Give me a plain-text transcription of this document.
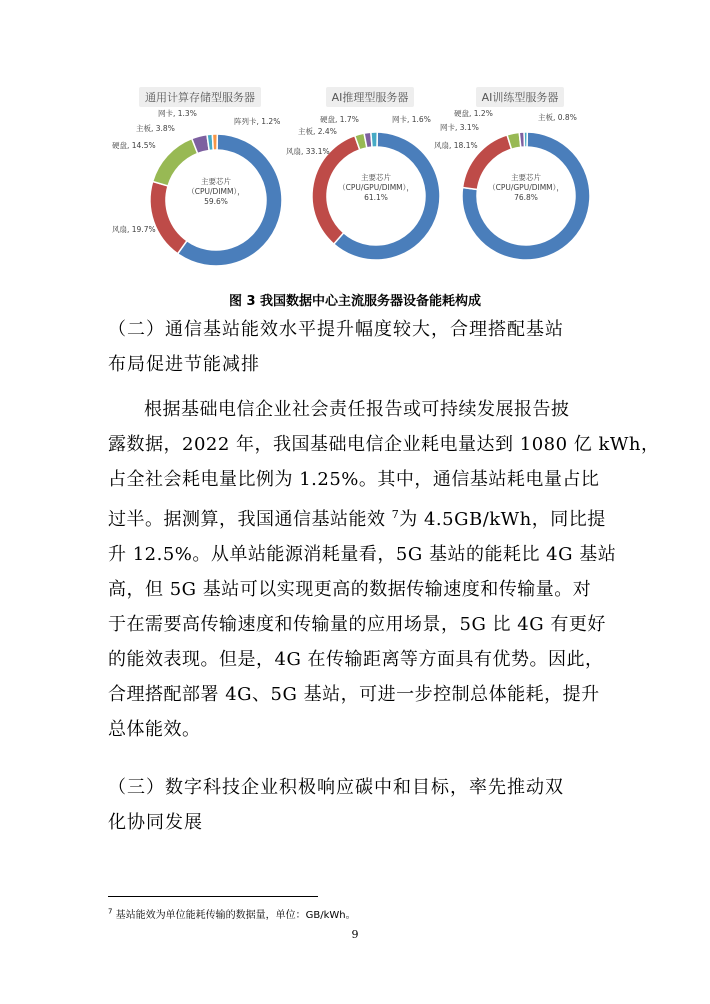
通用计算存储型服务器
主要芯片（CPU/DIMM）， 59.6%
风扇, 19.7%
硬盘, 14.5%
主板, 3.8%
网卡, 1.3%
阵列卡, 1.2%
AI推理型服务器
主要芯片（CPU/GPU/DIMM）， 61.1%
风扇, 33.1%
主板, 2.4%
硬盘, 1.7%	网卡, 1.6%
AI训练型服务器
主要芯片（CPU/GPU/DIMM）， 76.8%
风扇, 18.1%
网卡, 3.1%
硬盘, 1.2%	主板, 0.8%
图 3 我国数据中心主流服务器设备能耗构成
（二）通信基站能效水平提升幅度较大，合理搭配基站
布局促进节能减排
根据基础电信企业社会责任报告或可持续发展报告披
露数据，2022 年，我国基础电信企业耗电量达到 1080 亿 kWh，
占全社会耗电量比例为 1.25%。其中，通信基站耗电量占比
过半。据测算，我国通信基站能效 $^7$为 4.5GB/kWh，同比提
升 12.5%。从单站能源消耗量看，5G 基站的能耗比 4G 基站
高，但 5G 基站可以实现更高的数据传输速度和传输量。对
于在需要高传输速度和传输量的应用场景，5G 比 4G 有更好
的能效表现。但是，4G 在传输距离等方面具有优势。因此，
合理搭配部署 4G、5G 基站，可进一步控制总体能耗，提升
总体能效。
（三）数字科技企业积极响应碳中和目标，率先推动双
化协同发展
$^7$ 基站能效为单位能耗传输的数据量，单位：GB/kWh。
9
